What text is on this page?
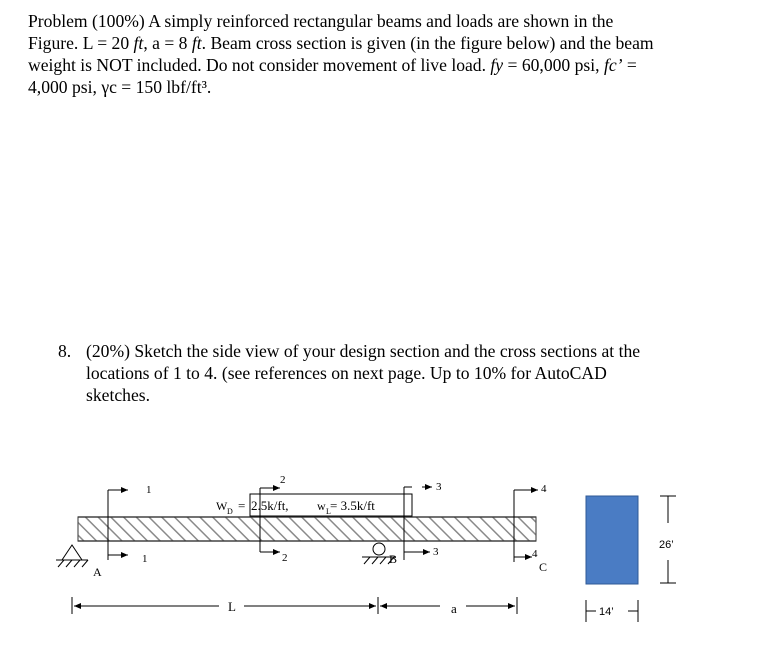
Problem (100%) A simply reinforced rectangular beams and loads are shown in the
Figure. L = 20 ft, a = 8 ft. Beam cross section is given (in the figure below) and the beam
weight is NOT included. Do not consider movement of live load. fy = 60,000 psi, fc’ =
4,000 psi, γc = 150 lbf/ft³.
8. (20%) Sketch the side view of your design section and the cross sections at the
locations of 1 to 4. (see references on next page. Up to 10% for AutoCAD
sketches.
W D = 2.5k/ft, w L = 3.5k/ft
1
1
2
2
3
3
4
4
A
B
C
L	a
26’
14’
